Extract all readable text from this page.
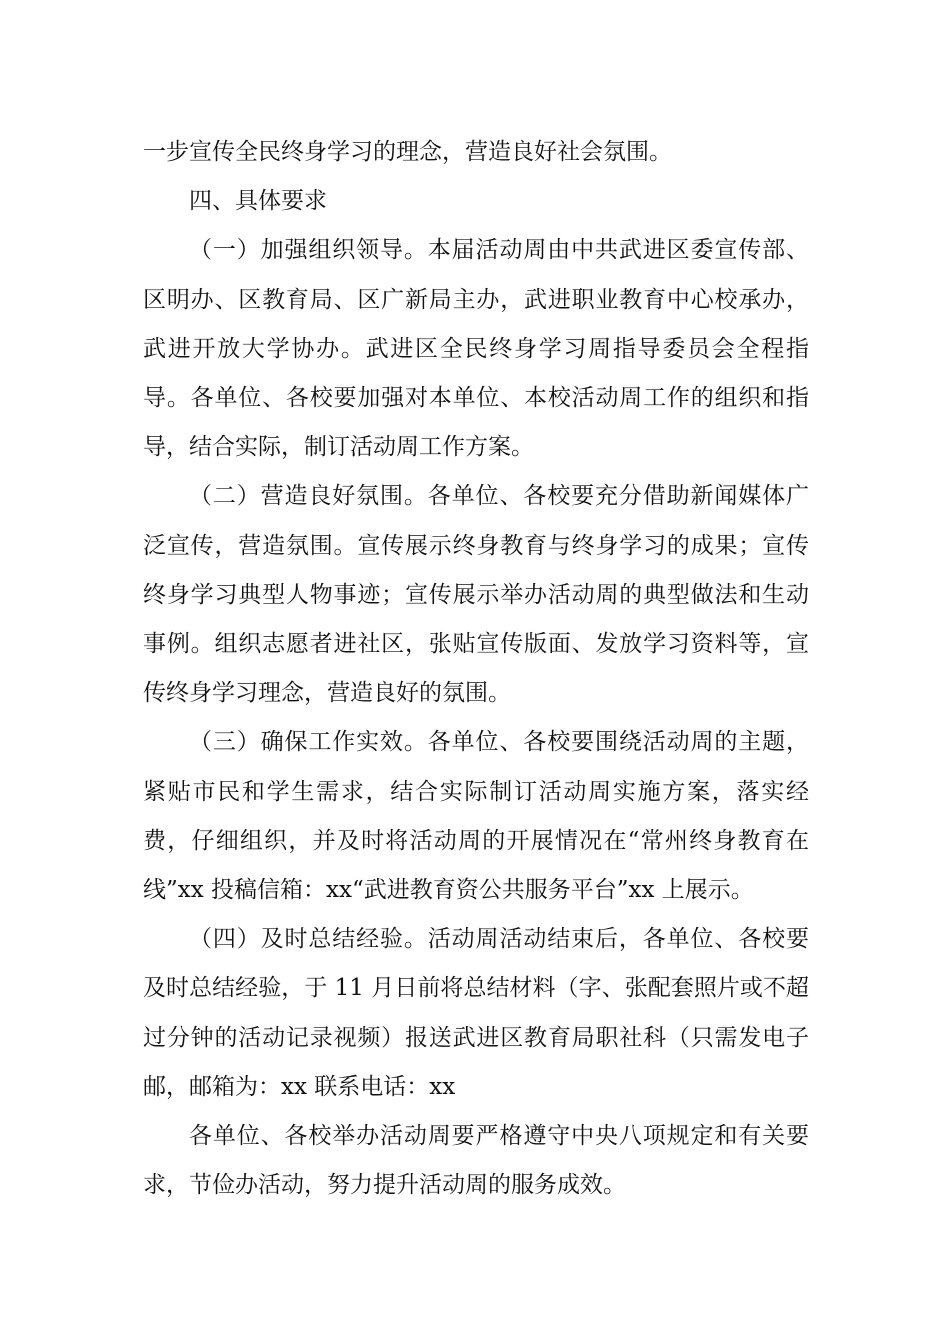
一步宣传全民终身学习的理念，营造良好社会氛围。

四、具体要求

（一）加强组织领导。本届活动周由中共武进区委宣传部、区明办、区教育局、区广新局主办，武进职业教育中心校承办，武进开放大学协办。武进区全民终身学习周指导委员会全程指导。各单位、各校要加强对本单位、本校活动周工作的组织和指导，结合实际，制订活动周工作方案。

（二）营造良好氛围。各单位、各校要充分借助新闻媒体广泛宣传，营造氛围。宣传展示终身教育与终身学习的成果；宣传终身学习典型人物事迹；宣传展示举办活动周的典型做法和生动事例。组织志愿者进社区，张贴宣传版面、发放学习资料等，宣传终身学习理念，营造良好的氛围。

（三）确保工作实效。各单位、各校要围绕活动周的主题，紧贴市民和学生需求，结合实际制订活动周实施方案，落实经费，仔细组织，并及时将活动周的开展情况在“常州终身教育在线”xx 投稿信箱：xx“武进教育资公共服务平台”xx 上展示。

（四）及时总结经验。活动周活动结束后，各单位、各校要及时总结经验，于 11 月日前将总结材料（字、张配套照片或不超过分钟的活动记录视频）报送武进区教育局职社科（只需发电子邮，邮箱为：xx 联系电话：xx

各单位、各校举办活动周要严格遵守中央八项规定和有关要求，节俭办活动，努力提升活动周的服务成效。
